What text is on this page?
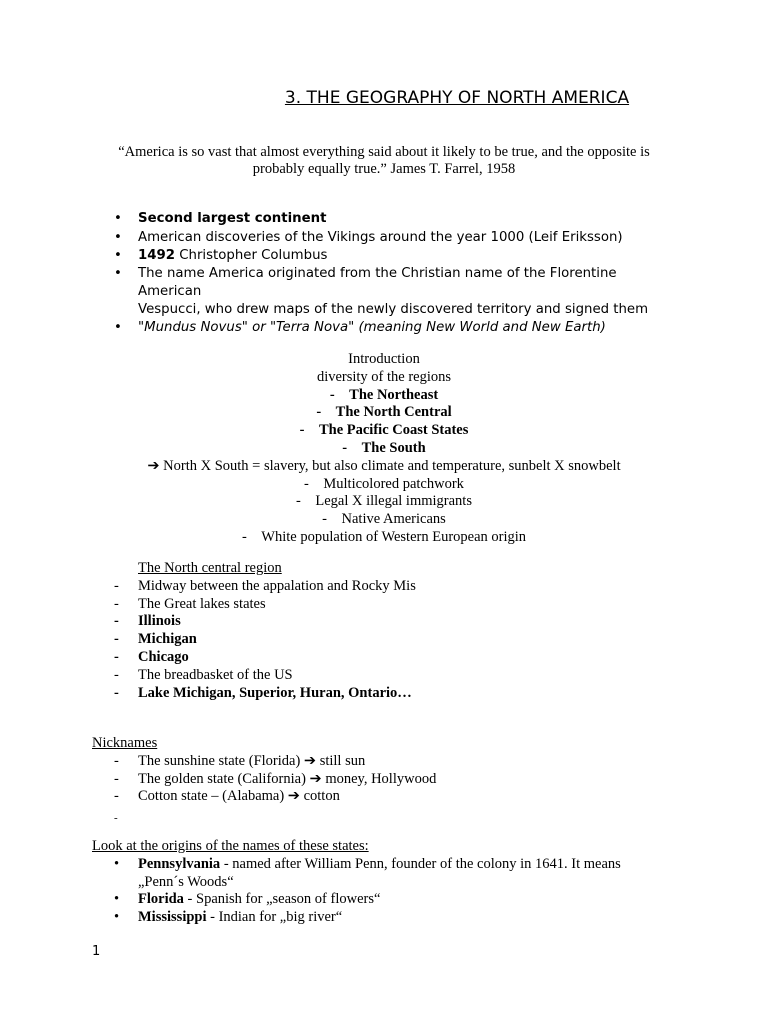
3. THE GEOGRAPHY OF NORTH AMERICA

“America is so vast that almost everything said about it likely to be true, and the opposite is probably equally true.” James T. Farrel, 1958

• Second largest continent
• American discoveries of the Vikings around the year 1000 (Leif Eriksson)
• 1492 Christopher Columbus
• The name America originated from the Christian name of the Florentine American
Vespucci, who drew maps of the newly discovered territory and signed them
• "Mundus Novus" or "Terra Nova" (meaning New World and New Earth)
Introduction
diversity of the regions
-    The Northeast
-    The North Central
-    The Pacific Coast States
-    The South
➔ North X South = slavery, but also climate and temperature, sunbelt X snowbelt
-    Multicolored patchwork
-    Legal X illegal immigrants
-    Native Americans
-    White population of Western European origin
The North central region
- Midway between the appalation and Rocky Mis
- The Great lakes states
- Illinois
- Michigan
- Chicago
- The breadbasket of the US
- Lake Michigan, Superior, Huran, Ontario…
Nicknames
- The sunshine state (Florida) ➔ still sun
- The golden state (California) ➔ money, Hollywood
- Cotton state – (Alabama) ➔ cotton
-
Look at the origins of the names of these states:
• Pennsylvania - named after William Penn, founder of the colony in 1641. It means
„Penn´s Woods“
• Florida - Spanish for „season of flowers“
• Mississippi - Indian for „big river“
1
